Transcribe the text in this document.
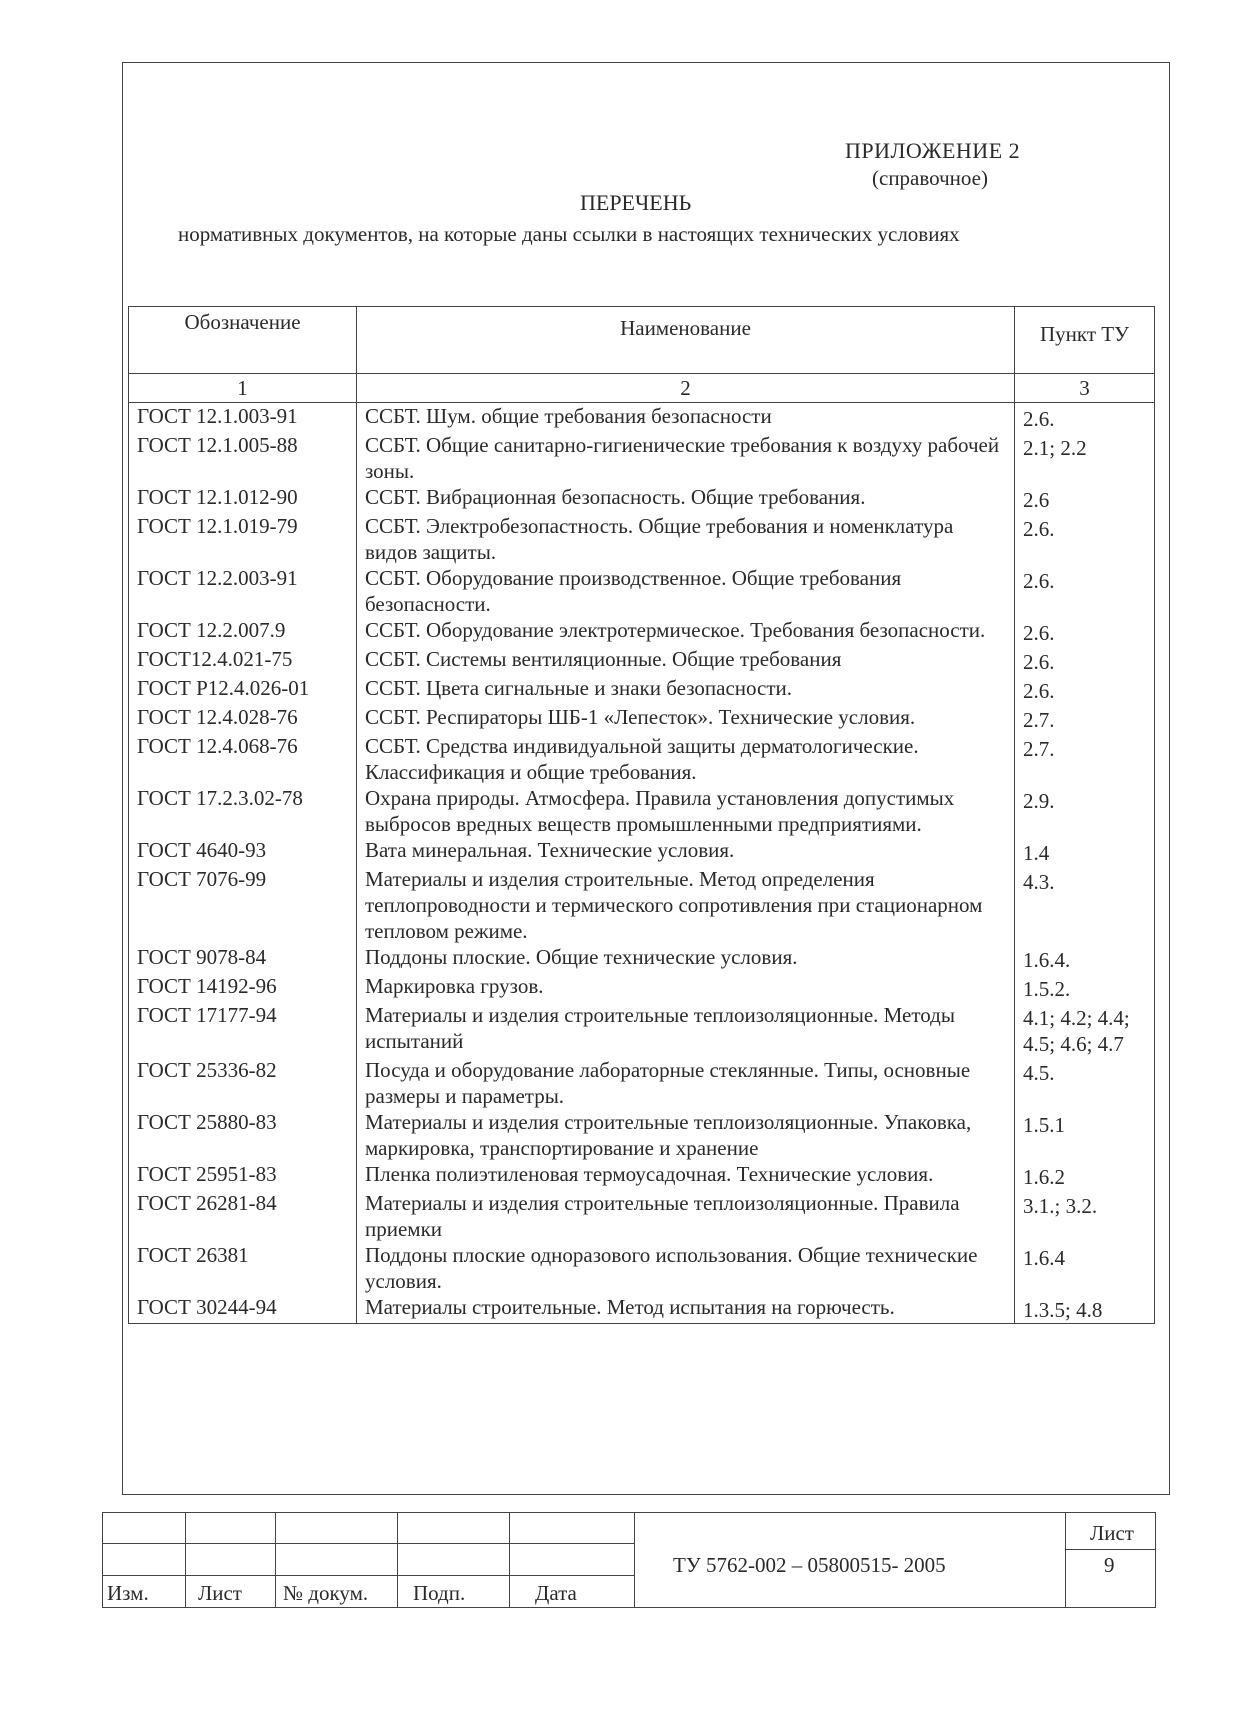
ПРИЛОЖЕНИЕ 2
(справочное)
ПЕРЕЧЕНЬ
нормативных документов, на которые даны ссылки в настоящих технических условиях
Обозначение	Наименование	Пункт ТУ
1	2	3
ГОСТ 12.1.003-91	ССБТ. Шум. общие требования безопасности	2.6.
ГОСТ 12.1.005-88	ССБТ. Общие санитарно-гигиенические требования к воздуху рабочей зоны.	2.1; 2.2
ГОСТ 12.1.012-90	ССБТ. Вибрационная безопасность. Общие требования.	2.6
ГОСТ 12.1.019-79	ССБТ. Электробезопастность. Общие требования и номенклатура видов защиты.	2.6.
ГОСТ 12.2.003-91	ССБТ. Оборудование производственное. Общие требования безопасности.	2.6.
ГОСТ 12.2.007.9	ССБТ. Оборудование электротермическое. Требования безопасности.	2.6.
ГОСТ12.4.021-75	ССБТ. Системы вентиляционные. Общие требования	2.6.
ГОСТ Р12.4.026-01	ССБТ. Цвета сигнальные и знаки безопасности.	2.6.
ГОСТ 12.4.028-76	ССБТ. Респираторы ШБ-1 «Лепесток». Технические условия.	2.7.
ГОСТ 12.4.068-76	ССБТ. Средства индивидуальной защиты дерматологические. Классификация и общие требования.	2.7.
ГОСТ 17.2.3.02-78	Охрана природы. Атмосфера. Правила установления допустимых выбросов вредных веществ промышленными предприятиями.	2.9.
ГОСТ 4640-93	Вата минеральная. Технические условия.	1.4
ГОСТ 7076-99	Материалы и изделия строительные. Метод определения теплопроводности и термического сопротивления при стационарном тепловом режиме.	4.3.
ГОСТ 9078-84	Поддоны плоские. Общие технические условия.	1.6.4.
ГОСТ 14192-96	Маркировка грузов.	1.5.2.
ГОСТ 17177-94	Материалы и изделия строительные теплоизоляционные. Методы испытаний	4.1; 4.2; 4.4; 4.5; 4.6; 4.7
ГОСТ 25336-82	Посуда и оборудование лабораторные стеклянные. Типы, основные размеры и параметры.	4.5.
ГОСТ 25880-83	Материалы и изделия строительные теплоизоляционные. Упаковка, маркировка, транспортирование и хранение	1.5.1
ГОСТ 25951-83	Пленка полиэтиленовая термоусадочная. Технические условия.	1.6.2
ГОСТ 26281-84	Материалы и изделия строительные теплоизоляционные. Правила приемки	3.1.; 3.2.
ГОСТ 26381	Поддоны плоские одноразового использования. Общие технические условия.	1.6.4
ГОСТ 30244-94	Материалы строительные. Метод испытания на горючесть.	1.3.5; 4.8
Изм. Лист № докум. Подп.	Дата
ТУ 5762-002 – 05800515- 2005
Лист
9
